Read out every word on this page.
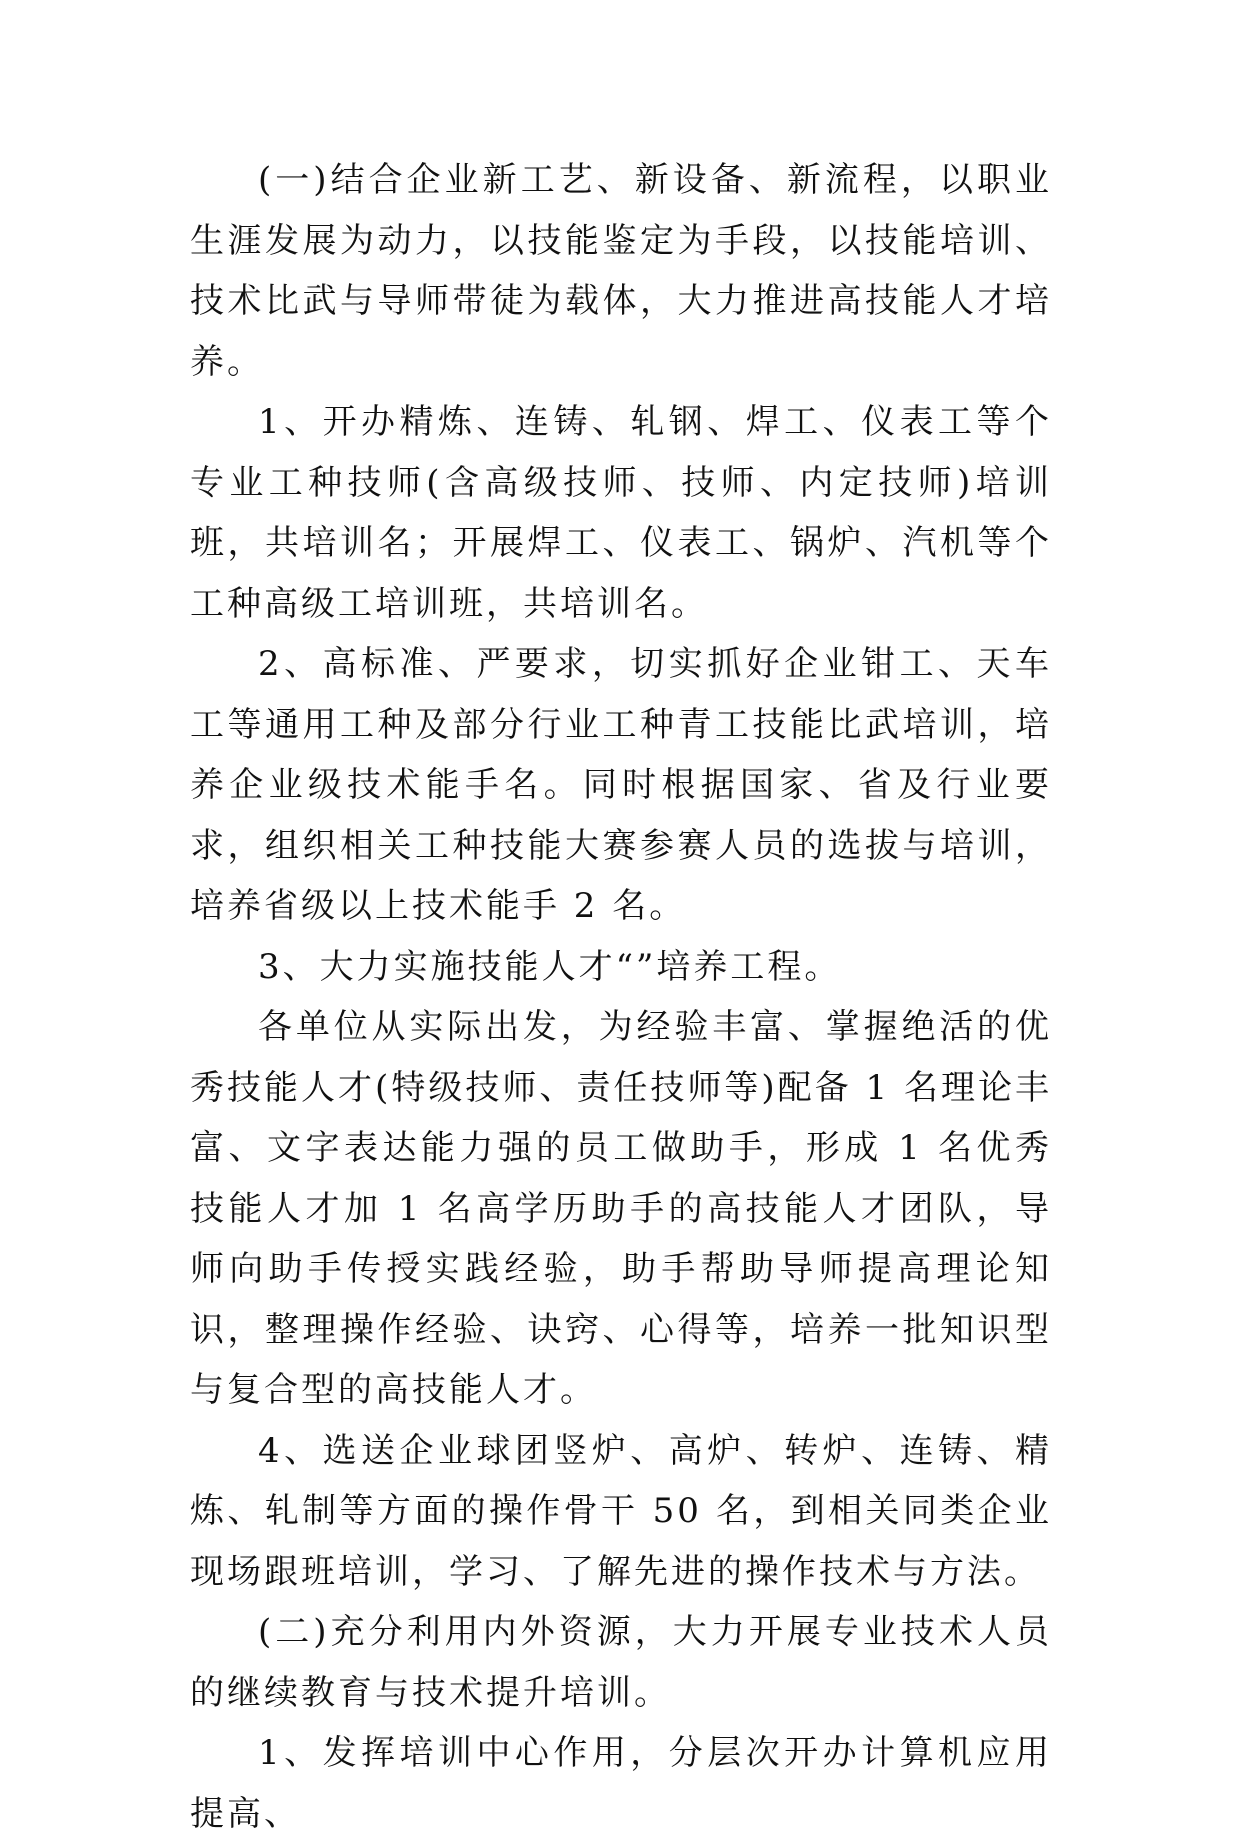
(一)结合企业新工艺、新设备、新流程，以职业生涯发展为动力，以技能鉴定为手段，以技能培训、技术比武与导师带徒为载体，大力推进高技能人才培养。

1、开办精炼、连铸、轧钢、焊工、仪表工等个专业工种技师(含高级技师、技师、内定技师)培训班，共培训名；开展焊工、仪表工、锅炉、汽机等个工种高级工培训班，共培训名。

2、高标准、严要求，切实抓好企业钳工、天车工等通用工种及部分行业工种青工技能比武培训，培养企业级技术能手名。同时根据国家、省及行业要求，组织相关工种技能大赛参赛人员的选拔与培训，培养省级以上技术能手 2 名。

3、大力实施技能人才“”培养工程。

各单位从实际出发，为经验丰富、掌握绝活的优秀技能人才(特级技师、责任技师等)配备 1 名理论丰富、文字表达能力强的员工做助手，形成 1 名优秀技能人才加 1 名高学历助手的高技能人才团队，导师向助手传授实践经验，助手帮助导师提高理论知识，整理操作经验、诀窍、心得等，培养一批知识型与复合型的高技能人才。

4、选送企业球团竖炉、高炉、转炉、连铸、精炼、轧制等方面的操作骨干 50 名，到相关同类企业现场跟班培训，学习、了解先进的操作技术与方法。

(二)充分利用内外资源，大力开展专业技术人员的继续教育与技术提升培训。

1、发挥培训中心作用，分层次开办计算机应用提高、
